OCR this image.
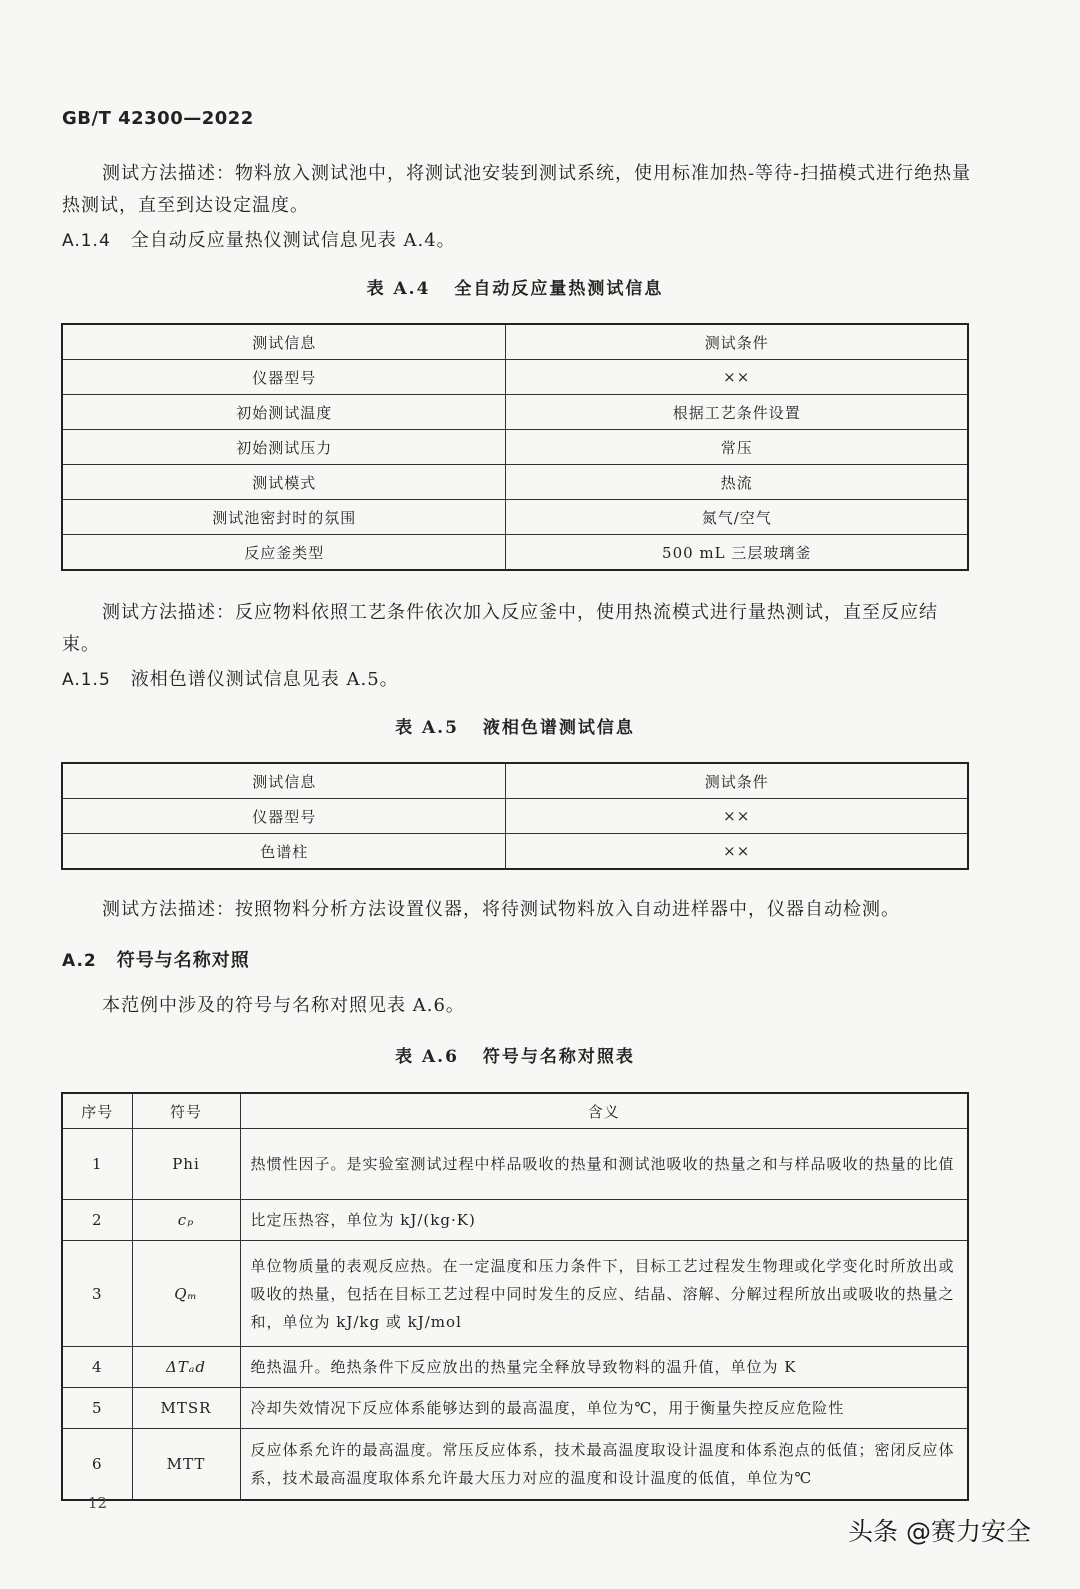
GB/T 42300—2022
测试方法描述：物料放入测试池中，将测试池安装到测试系统，使用标准加热-等待-扫描模式进行绝热量热测试，直至到达设定温度。
A.1.4 全自动反应量热仪测试信息见表 A.4。
表 A.4 全自动反应量热测试信息
测试信息	测试条件
仪器型号	××
初始测试温度	根据工艺条件设置
初始测试压力	常压
测试模式	热流
测试池密封时的氛围	氮气/空气
反应釜类型	500 mL 三层玻璃釜
测试方法描述：反应物料依照工艺条件依次加入反应釜中，使用热流模式进行量热测试，直至反应结束。
A.1.5 液相色谱仪测试信息见表 A.5。
表 A.5 液相色谱测试信息
测试信息	测试条件
仪器型号	××
色谱柱	××
测试方法描述：按照物料分析方法设置仪器，将待测试物料放入自动进样器中，仪器自动检测。
A.2 符号与名称对照
本范例中涉及的符号与名称对照见表 A.6。
表 A.6 符号与名称对照表
序号	符号	含义
1	Phi	热惯性因子。是实验室测试过程中样品吸收的热量和测试池吸收的热量之和与样品吸收的热量的比值
2	cₚ	比定压热容，单位为 kJ/(kg·K)
3	Qₘ	单位物质量的表观反应热。在一定温度和压力条件下，目标工艺过程发生物理或化学变化时所放出或吸收的热量，包括在目标工艺过程中同时发生的反应、结晶、溶解、分解过程所放出或吸收的热量之和，单位为 kJ/kg 或 kJ/mol
4	ΔTₐd	绝热温升。绝热条件下反应放出的热量完全释放导致物料的温升值，单位为 K
5	MTSR	冷却失效情况下反应体系能够达到的最高温度，单位为℃，用于衡量失控反应危险性
6	MTT	反应体系允许的最高温度。常压反应体系，技术最高温度取设计温度和体系泡点的低值；密闭反应体系，技术最高温度取体系允许最大压力对应的温度和设计温度的低值，单位为℃
12
头条 @赛力安全
